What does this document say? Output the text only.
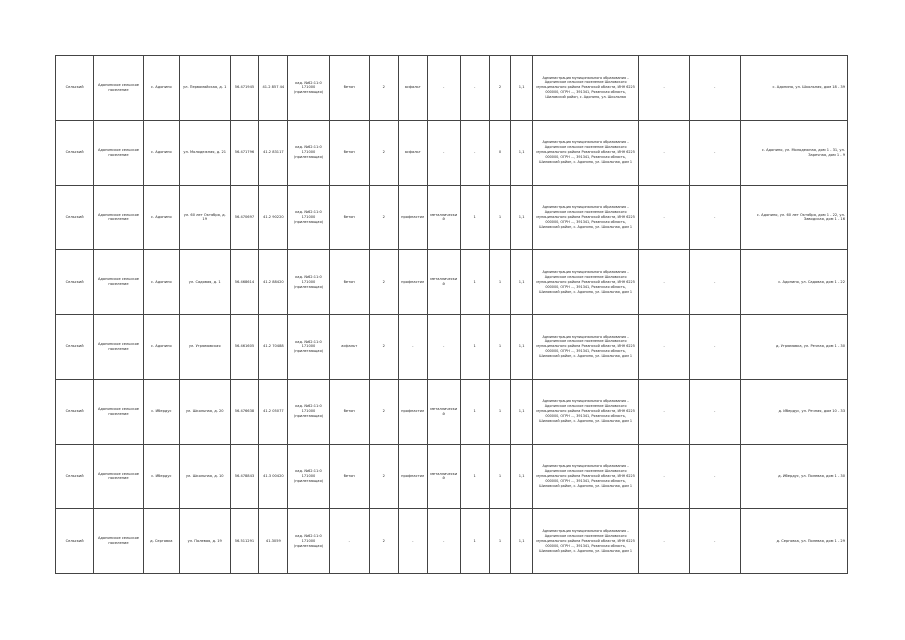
Сельский	Адонинское сельское поселение	с. Адонино	ул. Первомайская, д. 1	56.471945	41.2 857 44	кад. №62:11:0 171000 (прилегающая)	бетон	2	асфальт	-	-	2	1,1	Администрация муниципального образования – Адонинское сельское поселение Шиловского муниципального района Рязанской области, ИНН 6225 000000, ОГРН ..., 391341, Рязанская область, Шиловский район, с. Адонино, ул. Школьная	-	-	с. Адонино, ул. Школьная, дом 18 - 39
Сельский	Адонинское сельское поселение	с. Адонино	ул. Молодежная, д. 21	56.471796	41.2 83117	кад. №62:11:0 171000 (прилегающая)	бетон	2	асфальт	-	-	0	1,1	Администрация муниципального образования – Адонинское сельское поселение Шиловского муниципального района Рязанской области, ИНН 6225 000000, ОГРН ..., 391341, Рязанская область, Шиловский район, с. Адонино, ул. Школьная, дом 1	-	-	с. Адонино, ул. Молодежная, дом 1 - 31, ул. Заречная, дом 1 - 9
Сельский	Адонинское сельское поселение	с. Адонино	ул. 60 лет Октября, д. 19	56.470697	41.2 90220	кад. №62:11:0 171000 (прилегающая)	бетон	2	профнастил	металлический	1	1	1,1	Администрация муниципального образования – Адонинское сельское поселение Шиловского муниципального района Рязанской области, ИНН 6225 000000, ОГРН ..., 391341, Рязанская область, Шиловский район, с. Адонино, ул. Школьная, дом 1	-	-	с. Адонино, ул. 60 лет Октября, дом 1 - 22, ул. Заводская, дом 1 - 16
Сельский	Адонинское сельское поселение	с. Адонино	ул. Садовая, д. 1	56.468614	41.2 88420	кад. №62:11:0 171000 (прилегающая)	бетон	2	профнастил	металлический	1	1	1,1	Администрация муниципального образования – Адонинское сельское поселение Шиловского муниципального района Рязанской области, ИНН 6225 000000, ОГРН ..., 391341, Рязанская область, Шиловский район, с. Адонино, ул. Школьная, дом 1	-	-	с. Адонино, ул. Садовая, дом 1 - 22
Сельский	Адонинское сельское поселение	с. Адонино	ул. Угрюмовская	56.461605	41.2 70488	кад. №62:11:0 171000 (прилегающая)	асфальт	2	-	-	1	1	1,1	Администрация муниципального образования – Адонинское сельское поселение Шиловского муниципального района Рязанской области, ИНН 6225 000000, ОГРН ..., 391341, Рязанская область, Шиловский район, с. Адонино, ул. Школьная, дом 1	-	-	д. Угрюмовка, ул. Речная, дом 1 - 30
Сельский	Адонинское сельское поселение	с. Ибердус	ул. Школьная, д. 20	56.476638	41.2 05077	кад. №62:11:0 171000 (прилегающая)	бетон	2	профнастил	металлический	1	1	1,1	Администрация муниципального образования – Адонинское сельское поселение Шиловского муниципального района Рязанской области, ИНН 6225 000000, ОГРН ..., 391341, Рязанская область, Шиловский район, с. Адонино, ул. Школьная, дом 1	-	-	д. Ибердус, ул. Речная, дом 10 - 33
Сельский	Адонинское сельское поселение	с. Ибердус	ул. Школьная, д. 10	56.478843	41.3 00420	кад. №62:11:0 171000 (прилегающая)	бетон	2	профнастил	металлический	1	1	1,1	Администрация муниципального образования – Адонинское сельское поселение Шиловского муниципального района Рязанской области, ИНН 6225 000000, ОГРН ..., 391341, Рязанская область, Шиловский район, с. Адонино, ул. Школьная, дом 1	-	-	д. Ибердус, ул. Полевая, дом 1 - 30
Сельский	Адонинское сельское поселение	д. Серговка	ул. Полевая, д. 19	56.511291	41.3059	кад. №62:11:0 171000 (прилегающая)	-	2	-	-	1	1	1,1	Администрация муниципального образования – Адонинское сельское поселение Шиловского муниципального района Рязанской области, ИНН 6225 000000, ОГРН ..., 391341, Рязанская область, Шиловский район, с. Адонино, ул. Школьная, дом 1	-	-	д. Серговка, ул. Полевая, дом 1 - 29
